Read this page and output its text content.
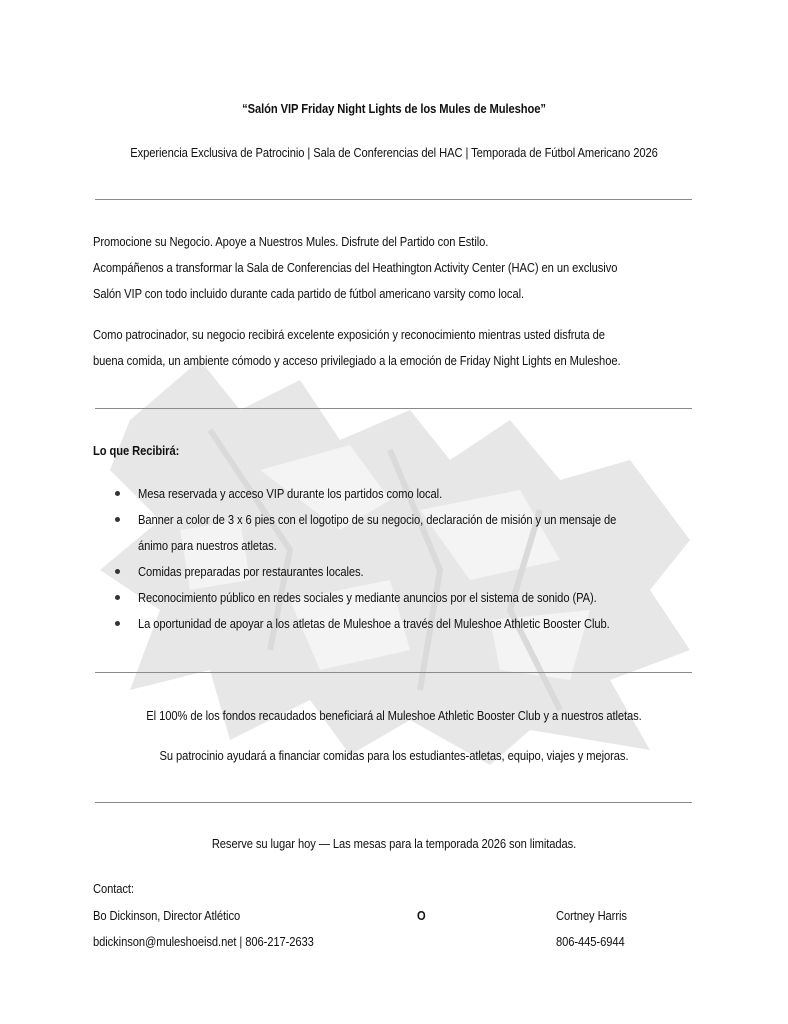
“Salón VIP Friday Night Lights de los Mules de Muleshoe”
Experiencia Exclusiva de Patrocinio | Sala de Conferencias del HAC | Temporada de Fútbol Americano 2026
Promocione su Negocio. Apoye a Nuestros Mules. Disfrute del Partido con Estilo.
Acompáñenos a transformar la Sala de Conferencias del Heathington Activity Center (HAC) en un exclusivo
Salón VIP con todo incluido durante cada partido de fútbol americano varsity como local.
Como patrocinador, su negocio recibirá excelente exposición y reconocimiento mientras usted disfruta de
buena comida, un ambiente cómodo y acceso privilegiado a la emoción de Friday Night Lights en Muleshoe.
Lo que Recibirá:
Mesa reservada y acceso VIP durante los partidos como local.
Banner a color de 3 x 6 pies con el logotipo de su negocio, declaración de misión y un mensaje de
ánimo para nuestros atletas.
Comidas preparadas por restaurantes locales.
Reconocimiento público en redes sociales y mediante anuncios por el sistema de sonido (PA).
La oportunidad de apoyar a los atletas de Muleshoe a través del Muleshoe Athletic Booster Club.
El 100% de los fondos recaudados beneficiará al Muleshoe Athletic Booster Club y a nuestros atletas.
Su patrocinio ayudará a financiar comidas para los estudiantes-atletas, equipo, viajes y mejoras.
Reserve su lugar hoy — Las mesas para la temporada 2026 son limitadas.
Contact:
Bo Dickinson, Director Atlético
bdickinson@muleshoeisd.net | 806-217-2633
O	Cortney Harris
806-445-6944
